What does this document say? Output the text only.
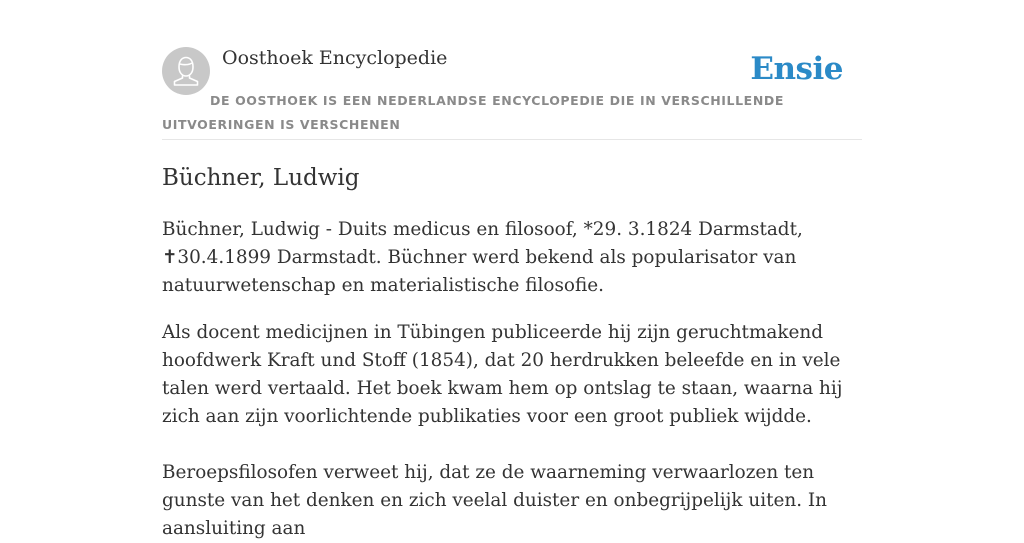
Oosthoek Encyclopedie	Ensie
DE OOSTHOEK IS EEN NEDERLANDSE ENCYCLOPEDIE DIE IN VERSCHILLENDE UITVOERINGEN IS VERSCHENEN
Büchner, Ludwig

Büchner, Ludwig - Duits medicus en filosoof, *29. 3.1824 Darmstadt, ✝30.4.1899 Darmstadt. Büchner werd bekend als popularisator van natuurwetenschap en materialistische filosofie.

Als docent medicijnen in Tübingen publiceerde hij zijn geruchtmakend hoofdwerk Kraft und Stoff (1854), dat 20 herdrukken beleefde en in vele talen werd vertaald. Het boek kwam hem op ontslag te staan, waarna hij zich aan zijn voorlichtende publikaties voor een groot publiek wijdde.

Beroepsfilosofen verweet hij, dat ze de waarneming verwaarlozen ten gunste van het denken en zich veelal duister en onbegrijpelijk uiten. In aansluiting aan
